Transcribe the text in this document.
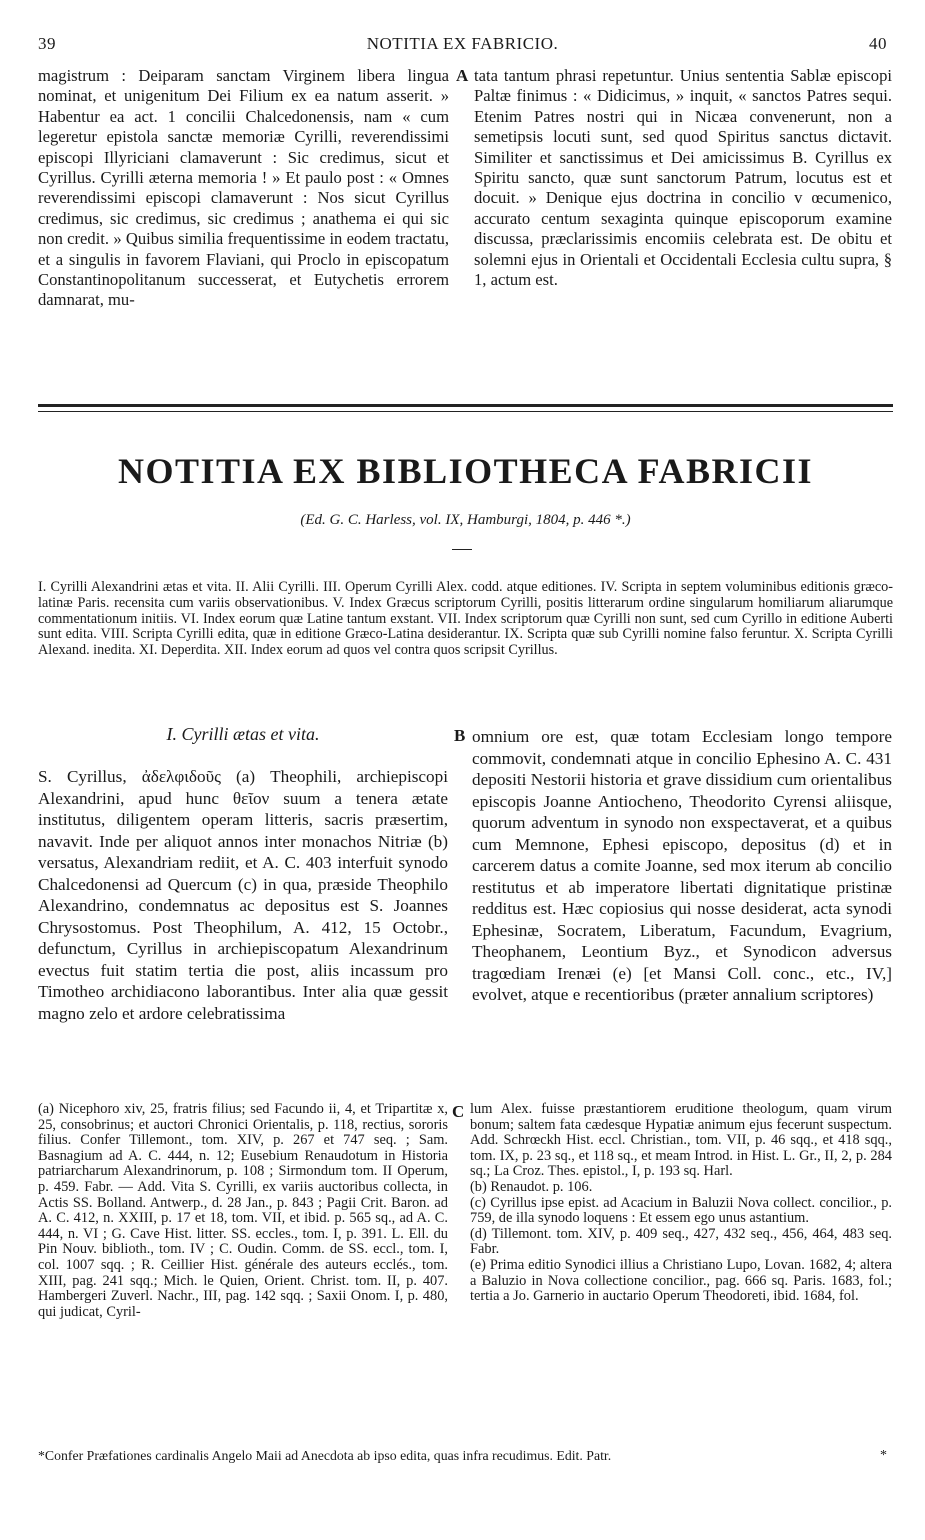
39	NOTITIA EX FABRICIO.	40

magistrum : Deiparam sanctam Virginem libera lingua nominat, et unigenitum Dei Filium ex ea natum asserit. » Habentur ea act. 1 concilii Chalcedonensis, nam « cum legeretur epistola sanctæ memoriæ Cyrilli, reverendissimi episcopi Illyriciani clamaverunt : Sic credimus, sicut et Cyrillus. Cyrilli æterna memoria ! » Et paulo post : « Omnes reverendissimi episcopi clamaverunt : Nos sicut Cyrillus credimus, sic credimus, sic credimus ; anathema ei qui sic non credit. » Quibus similia frequentissime in eodem tractatu, et a singulis in favorem Flaviani, qui Proclo in episcopatum Constantinopolitanum successerat, et Eutychetis errorem damnarat, mu-

A tata tantum phrasi repetuntur. Unius sententia Sablæ episcopi Paltæ finimus : « Didicimus, » inquit, « sanctos Patres sequi. Etenim Patres nostri qui in Nicæa convenerunt, non a semetipsis locuti sunt, sed quod Spiritus sanctus dictavit. Similiter et sanctissimus et Dei amicissimus B. Cyrillus ex Spiritu sancto, quæ sunt sanctorum Patrum, locutus est et docuit. » Denique ejus doctrina in concilio v œcumenico, accurato centum sexaginta quinque episcoporum examine discussa, præclarissimis encomiis celebrata est. De obitu et solemni ejus in Orientali et Occidentali Ecclesia cultu supra, § 1, actum est.

NOTITIA EX BIBLIOTHECA FABRICII
(Ed. G. C. Harless, vol. IX, Hamburgi, 1804, p. 446 *.)
I. Cyrilli Alexandrini ætas et vita. II. Alii Cyrilli. III. Operum Cyrilli Alex. codd. atque editiones. IV. Scripta in septem voluminibus editionis græco-latinæ Paris. recensita cum variis observationibus. V. Index Græcus scriptorum Cyrilli, positis litterarum ordine singularum homiliarum aliarumque commentationum initiis. VI. Index eorum quæ Latine tantum exstant. VII. Index scriptorum quæ Cyrilli non sunt, sed cum Cyrillo in editione Auberti sunt edita. VIII. Scripta Cyrilli edita, quæ in editione Græco-Latina desiderantur. IX. Scripta quæ sub Cyrilli nomine falso feruntur. X. Scripta Cyrilli Alexand. inedita. XI. Deperdita. XII. Index eorum ad quos vel contra quos scripsit Cyrillus.
I. Cyrilli ætas et vita.
S. Cyrillus, ἀδελφιδοῦς (a) Theophili, archiepiscopi Alexandrini, apud hunc θεῖον suum a tenera ætate institutus, diligentem operam litteris, sacris præsertim, navavit. Inde per aliquot annos inter monachos Nitriæ (b) versatus, Alexandriam rediit, et A. C. 403 interfuit synodo Chalcedonensi ad Quercum (c) in qua, præside Theophilo Alexandrino, condemnatus ac depositus est S. Joannes Chrysostomus. Post Theophilum, A. 412, 15 Octobr., defunctum, Cyrillus in archiepiscopatum Alexandrinum evectus fuit statim tertia die post, aliis incassum pro Timotheo archidiacono laborantibus. Inter alia quæ gessit magno zelo et ardore celebratissima
B omnium ore est, quæ totam Ecclesiam longo tempore commovit, condemnati atque in concilio Ephesino A. C. 431 depositi Nestorii historia et grave dissidium cum orientalibus episcopis Joanne Antiocheno, Theodorito Cyrensi aliisque, quorum adventum in synodo non exspectaverat, et a quibus cum Memnone, Ephesi episcopo, depositus (d) et in carcerem datus a comite Joanne, sed mox iterum ab concilio restitutus et ab imperatore libertati dignitatique pristinæ redditus est. Hæc copiosius qui nosse desiderat, acta synodi Ephesinæ, Socratem, Liberatum, Facundum, Evagrium, Theophanem, Leontium Byz., et Synodicon adversus tragœdiam Irenæi (e) [et Mansi Coll. conc., etc., IV,] evolvet, atque e recentioribus (præter annalium scriptores)

(a) Nicephoro xiv, 25, fratris filius; sed Facundo ii, 4, et Tripartitæ x, 25, consobrinus; et auctori Chronici Orientalis, p. 118, rectius, sororis filius. Confer Tillemont., tom. XIV, p. 267 et 747 seq. ; Sam. Basnagium ad A. C. 444, n. 12; Eusebium Renaudotum in Historia patriarcharum Alexandrinorum, p. 108 ; Sirmondum tom. II Operum, p. 459. Fabr. — Add. Vita S. Cyrilli, ex variis auctoribus collecta, in Actis SS. Bolland. Antwerp., d. 28 Jan., p. 843 ; Pagii Crit. Baron. ad A. C. 412, n. XXIII, p. 17 et 18, tom. VII, et ibid. p. 565 sq., ad A. C. 444, n. VI ; G. Cave Hist. litter. SS. eccles., tom. I, p. 391. L. Ell. du Pin Nouv. biblioth., tom. IV ; C. Oudin. Comm. de SS. eccl., tom. I, col. 1007 sqq. ; R. Ceillier Hist. générale des auteurs ecclés., tom. XIII, pag. 241 sqq.; Mich. le Quien, Orient. Christ. tom. II, p. 407. Hambergeri Zuverl. Nachr., III, pag. 142 sqq. ; Saxii Onom. I, p. 480, qui judicat, Cyril-

C lum Alex. fuisse præstantiorem eruditione theologum, quam virum bonum; saltem fata cædesque Hypatiæ animum ejus fecerunt suspectum. Add. Schrœckh Hist. eccl. Christian., tom. VII, p. 46 sqq., et 418 sqq., tom. IX, p. 23 sq., et 118 sq., et meam Introd. in Hist. L. Gr., II, 2, p. 284 sq.; La Croz. Thes. epistol., I, p. 193 sq. Harl.

(b) Renaudot. p. 106.

(c) Cyrillus ipse epist. ad Acacium in Baluzii Nova collect. concilior., p. 759, de illa synodo loquens : Et essem ego unus astantium.

(d) Tillemont. tom. XIV, p. 409 seq., 427, 432 seq., 456, 464, 483 seq. Fabr.

(e) Prima editio Synodici illius a Christiano Lupo, Lovan. 1682, 4; altera a Baluzio in Nova collectione concilior., pag. 666 sq. Paris. 1683, fol.; tertia a Jo. Garnerio in auctario Operum Theodoreti, ibid. 1684, fol.

*Confer Præfationes cardinalis Angelo Maii ad Anecdota ab ipso edita, quas infra recudimus. Edit. Patr.	*
